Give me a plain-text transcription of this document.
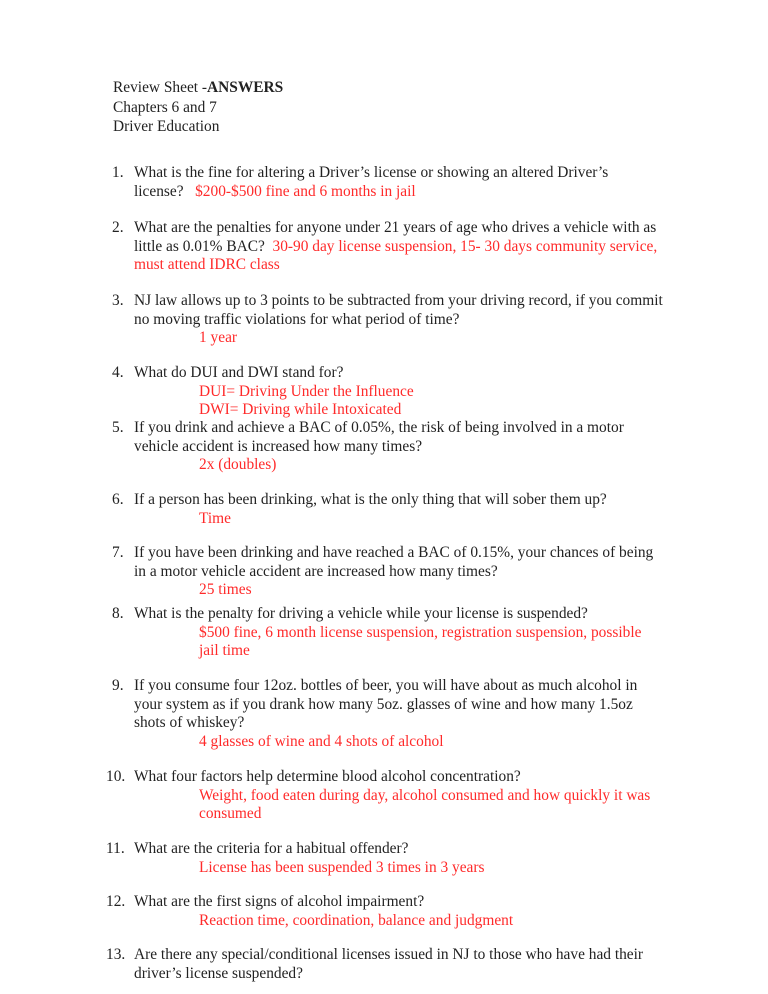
Review Sheet -ANSWERS
Chapters 6 and 7
Driver Education
1. What is the fine for altering a Driver’s license or showing an altered Driver’s license? $200-$500 fine and 6 months in jail
2. What are the penalties for anyone under 21 years of age who drives a vehicle with as little as 0.01% BAC? 30-90 day license suspension, 15- 30 days community service, must attend IDRC class
3. NJ law allows up to 3 points to be subtracted from your driving record, if you commit no moving traffic violations for what period of time?
1 year
4. What do DUI and DWI stand for?
DUI= Driving Under the Influence
DWI= Driving while Intoxicated
5. If you drink and achieve a BAC of 0.05%, the risk of being involved in a motor vehicle accident is increased how many times?
2x (doubles)
6. If a person has been drinking, what is the only thing that will sober them up?
Time
7. If you have been drinking and have reached a BAC of 0.15%, your chances of being in a motor vehicle accident are increased how many times?
25 times
8. What is the penalty for driving a vehicle while your license is suspended?
$500 fine, 6 month license suspension, registration suspension, possible jail time
9. If you consume four 12oz. bottles of beer, you will have about as much alcohol in your system as if you drank how many 5oz. glasses of wine and how many 1.5oz shots of whiskey?
4 glasses of wine and 4 shots of alcohol
10. What four factors help determine blood alcohol concentration?
Weight, food eaten during day, alcohol consumed and how quickly it was consumed
11. What are the criteria for a habitual offender?
License has been suspended 3 times in 3 years
12. What are the first signs of alcohol impairment?
Reaction time, coordination, balance and judgment
13. Are there any special/conditional licenses issued in NJ to those who have had their driver’s license suspended?
